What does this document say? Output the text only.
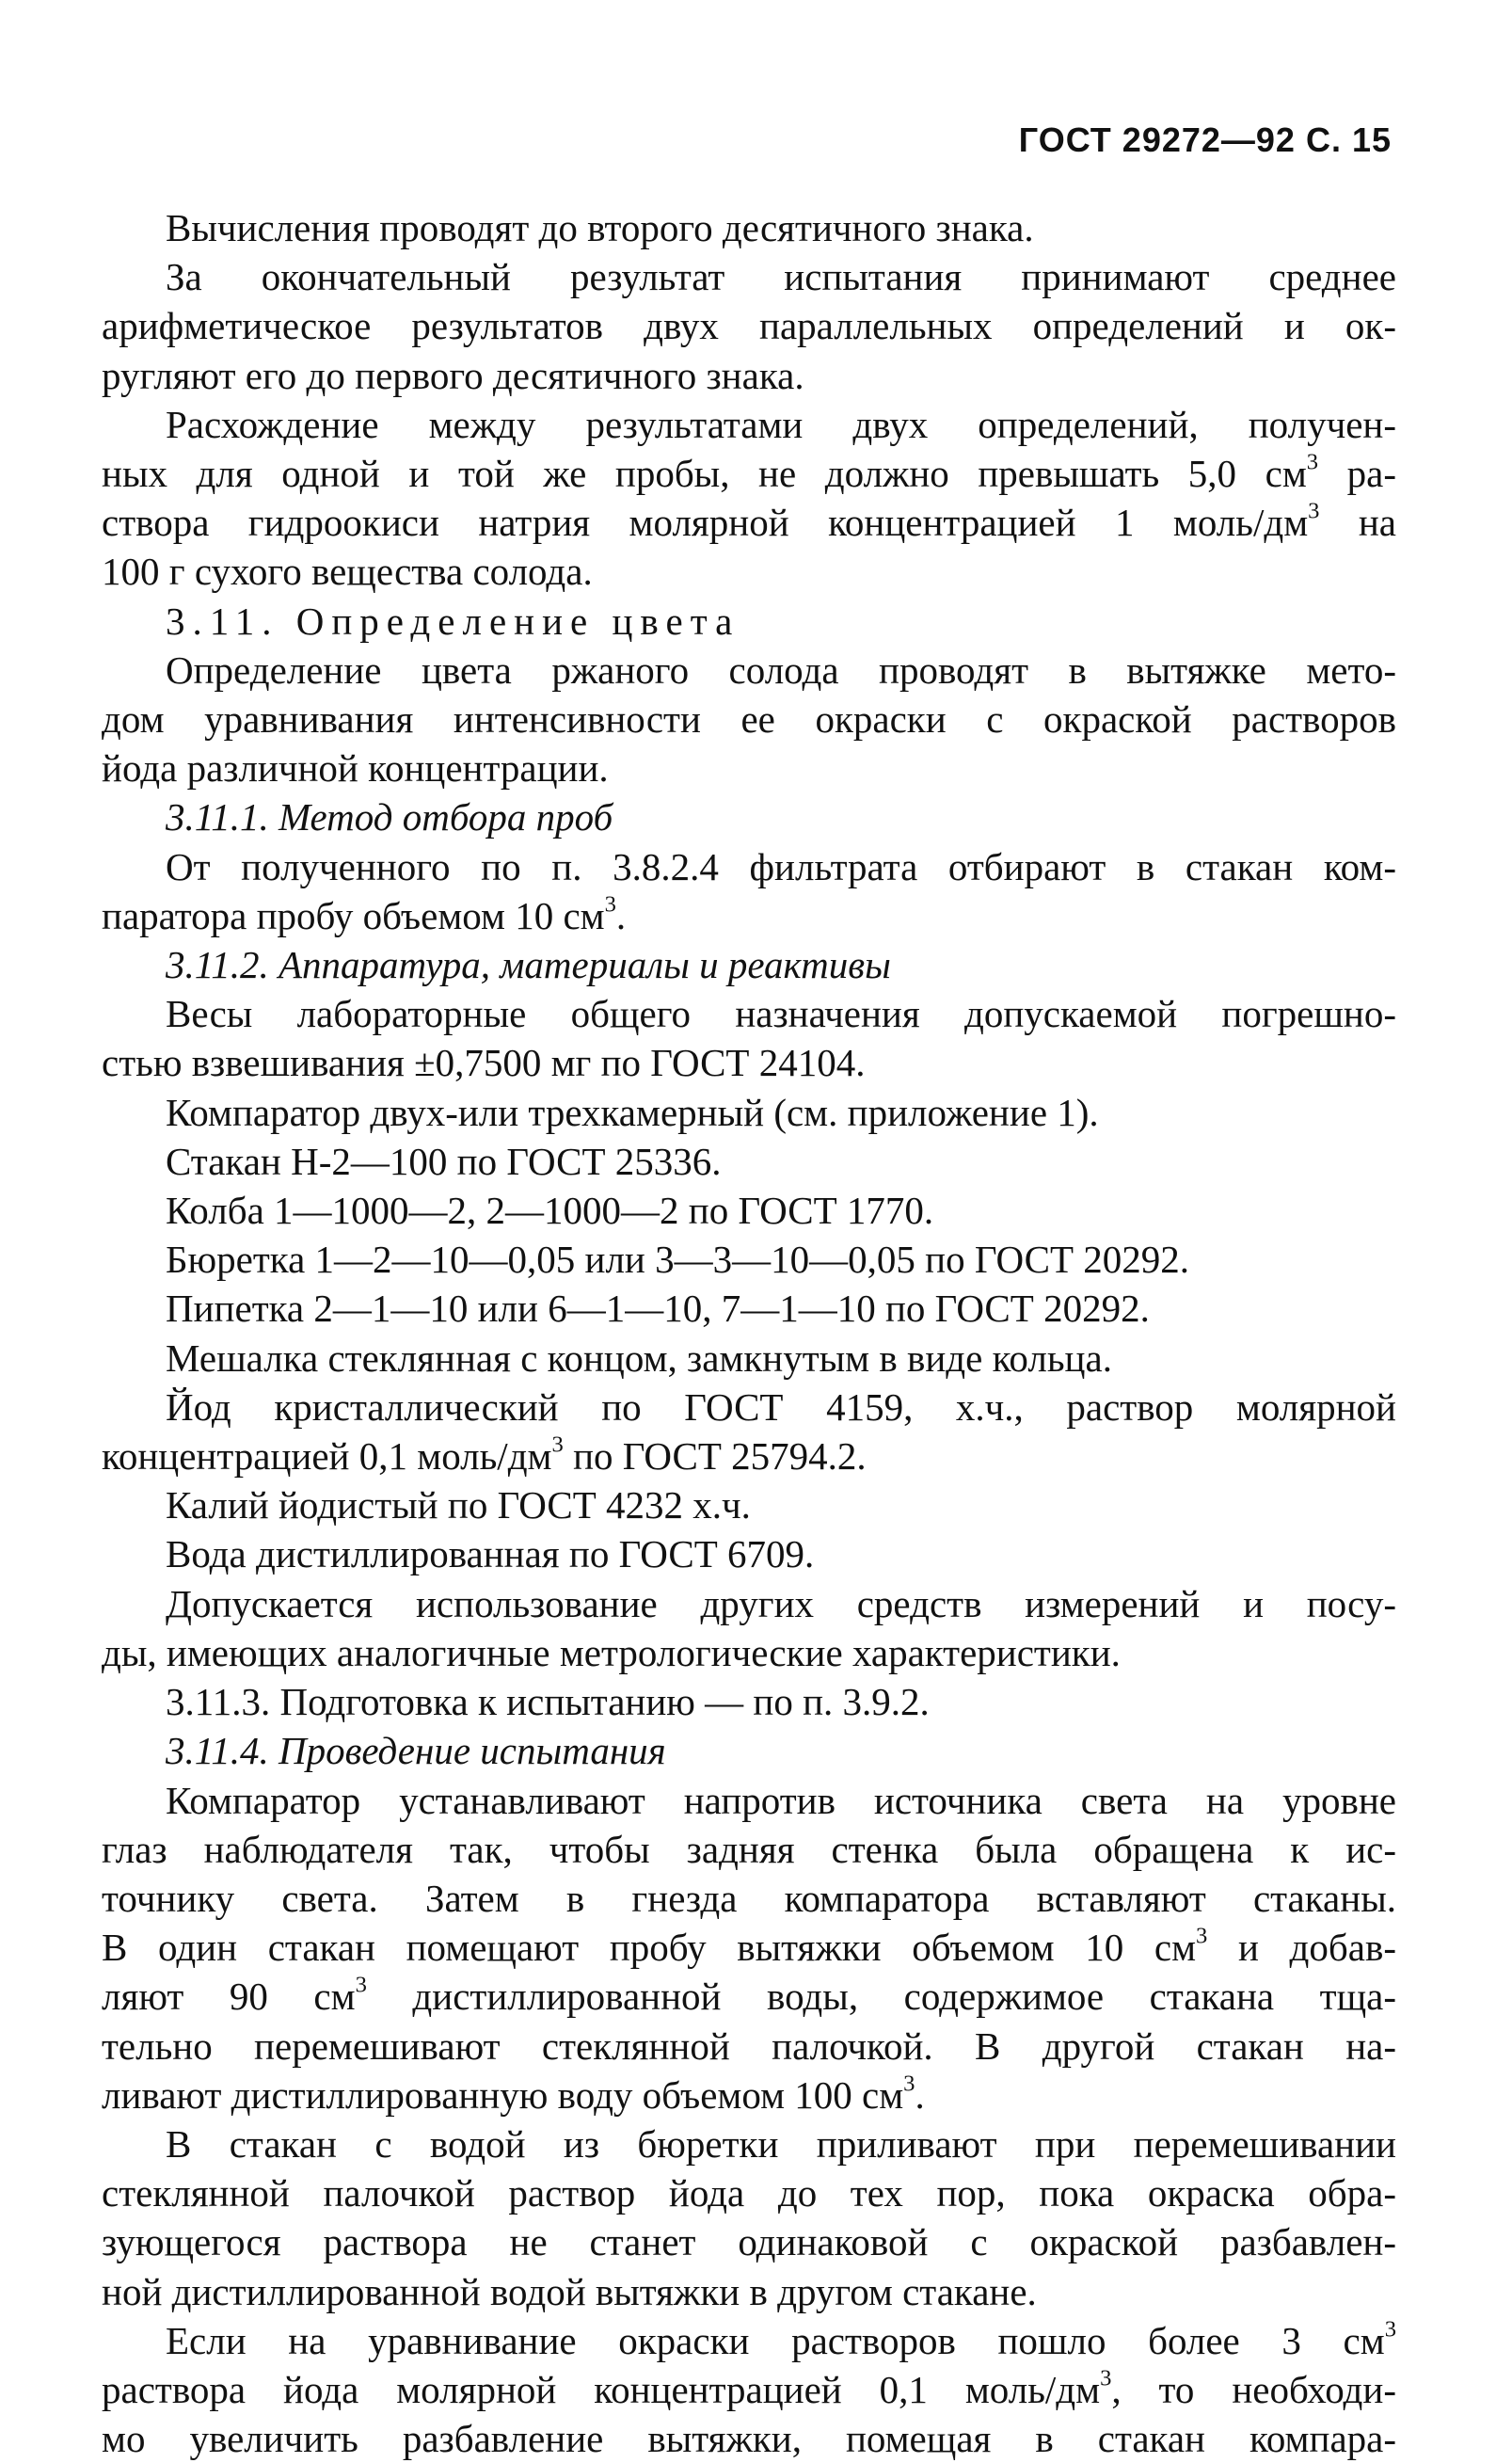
ГОСТ 29272—92 С. 15

Вычисления проводят до второго десятичного знака.

За окончательный результат испытания принимают среднее

арифметическое результатов двух параллельных определений и ок-

ругляют его до первого десятичного знака.

Расхождение между результатами двух определений, получен-

ных для одной и той же пробы, не должно превышать 5,0 $см^3$ ра-

створа гидроокиси натрия молярной концентрацией 1 моль/$дм^3$ на

100 г сухого вещества солода.

3.11. Определение цвета

Определение цвета ржаного солода проводят в вытяжке мето-

дом уравнивания интенсивности ее окраски с окраской растворов

йода различной концентрации.

3.11.1. Метод отбора проб

От полученного по п. 3.8.2.4 фильтрата отбирают в стакан ком-

паратора пробу объемом 10 $см^3$.

3.11.2. Аппаратура, материалы и реактивы

Весы лабораторные общего назначения допускаемой погрешно-

стью взвешивания ±0,7500 мг по ГОСТ 24104.

Компаратор двух-или трехкамерный (см. приложение 1).

Стакан Н-2—100 по ГОСТ 25336.

Колба 1—1000—2, 2—1000—2 по ГОСТ 1770.

Бюретка 1—2—10—0,05 или 3—3—10—0,05 по ГОСТ 20292.

Пипетка 2—1—10 или 6—1—10, 7—1—10 по ГОСТ 20292.

Мешалка стеклянная с концом, замкнутым в виде кольца.

Йод кристаллический по ГОСТ 4159, х.ч., раствор молярной

концентрацией 0,1 моль/$дм^3$ по ГОСТ 25794.2.

Калий йодистый по ГОСТ 4232 х.ч.

Вода дистиллированная по ГОСТ 6709.

Допускается использование других средств измерений и посу-

ды, имеющих аналогичные метрологические характеристики.

3.11.3. Подготовка к испытанию — по п. 3.9.2.

3.11.4. Проведение испытания

Компаратор устанавливают напротив источника света на уровне

глаз наблюдателя так, чтобы задняя стенка была обращена к ис-

точнику света. Затем в гнезда компаратора вставляют стаканы.

В один стакан помещают пробу вытяжки объемом 10 $см^3$ и добав-

ляют 90 $см^3$ дистиллированной воды, содержимое стакана тща-

тельно перемешивают стеклянной палочкой. В другой стакан на-

ливают дистиллированную воду объемом 100 $см^3$.

В стакан с водой из бюретки приливают при перемешивании

стеклянной палочкой раствор йода до тех пор, пока окраска обра-

зующегося раствора не станет одинаковой с окраской разбавлен-

ной дистиллированной водой вытяжки в другом стакане.

Если на уравнивание окраски растворов пошло более 3 $см^3$

раствора йода молярной концентрацией 0,1 моль/$дм^3$, то необходи-

мо увеличить разбавление вытяжки, помещая в стакан компара-
